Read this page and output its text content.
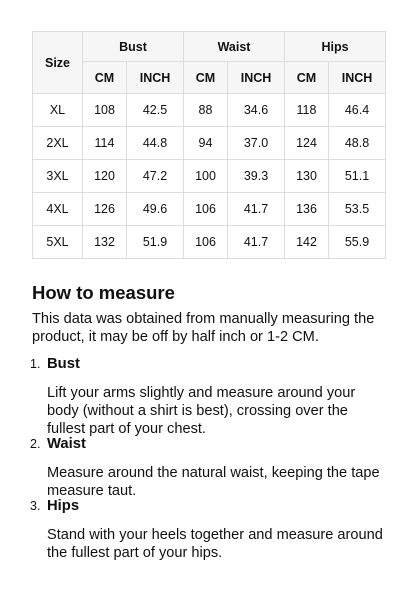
Size	Bust		Waist		Hips	
	CM	INCH	CM	INCH	CM	INCH
XL	108	42.5	88	34.6	118	46.4
2XL	114	44.8	94	37.0	124	48.8
3XL	120	47.2	100	39.3	130	51.1
4XL	126	49.6	106	41.7	136	53.5
5XL	132	51.9	106	41.7	142	55.9
How to measure

This data was obtained from manually measuring the product, it may be off by half inch or 1-2 CM.

1. Bust
Lift your arms slightly and measure around your body (without a shirt is best), crossing over the fullest part of your chest.
2. Waist
Measure around the natural waist, keeping the tape measure taut.
3. Hips
Stand with your heels together and measure around the fullest part of your hips.
